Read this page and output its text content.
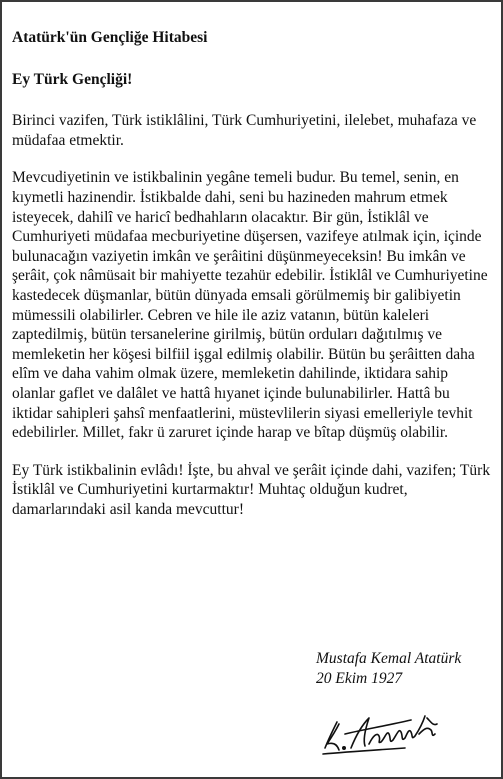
Atatürk'ün Gençliğe Hitabesi
Ey Türk Gençliği!

Birinci vazifen, Türk istiklâlini, Türk Cumhuriyetini, ilelebet, muhafaza ve müdafaa etmektir.

Mevcudiyetinin ve istikbalinin yegâne temeli budur. Bu temel, senin, en kıymetli hazinendir. İstikbalde dahi, seni bu hazineden mahrum etmek isteyecek, dahilî ve haricî bedhahların olacaktır. Bir gün, İstiklâl ve Cumhuriyeti müdafaa mecburiyetine düşersen, vazifeye atılmak için, içinde bulunacağın vaziyetin imkân ve şerâitini düşünmeyeceksin! Bu imkân ve şerâit, çok nâmüsait bir mahiyette tezahür edebilir. İstiklâl ve Cumhuriyetine kastedecek düşmanlar, bütün dünyada emsali görülmemiş bir galibiyetin mümessili olabilirler. Cebren ve hile ile aziz vatanın, bütün kaleleri zaptedilmiş, bütün tersanelerine girilmiş, bütün orduları dağıtılmış ve memleketin her köşesi bilfiil işgal edilmiş olabilir. Bütün bu şerâitten daha elîm ve daha vahim olmak üzere, memleketin dahilinde, iktidara sahip olanlar gaflet ve dalâlet ve hattâ hıyanet içinde bulunabilirler. Hattâ bu iktidar sahipleri şahsî menfaatlerini, müstevlilerin siyasi emelleriyle tevhit edebilirler. Millet, fakr ü zaruret içinde harap ve bîtap düşmüş olabilir.

Ey Türk istikbalinin evlâdı! İşte, bu ahval ve şerâit içinde dahi, vazifen; Türk İstiklâl ve Cumhuriyetini kurtarmaktır! Muhtaç olduğun kudret, damarlarındaki asil kanda mevcuttur!

Mustafa Kemal Atatürk
20 Ekim 1927
